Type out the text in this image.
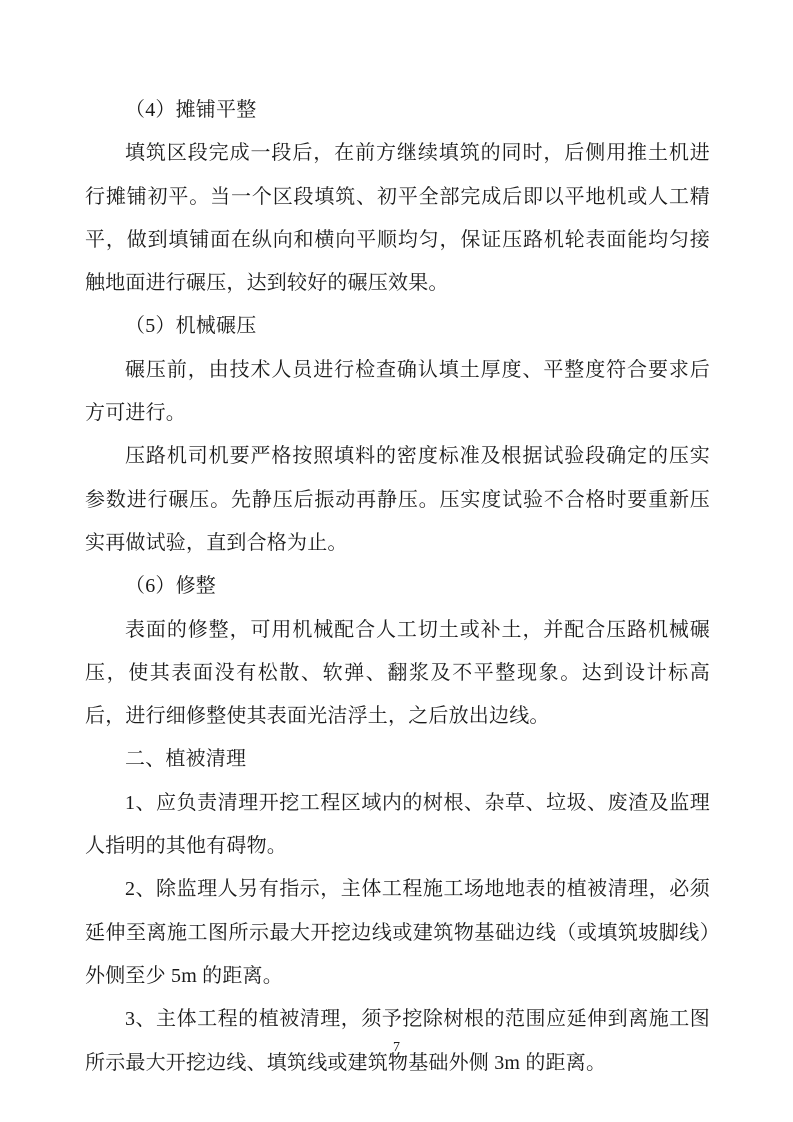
（4）摊铺平整

填筑区段完成一段后，在前方继续填筑的同时，后侧用推土机进行摊铺初平。当一个区段填筑、初平全部完成后即以平地机或人工精平，做到填铺面在纵向和横向平顺均匀，保证压路机轮表面能均匀接触地面进行碾压，达到较好的碾压效果。

（5）机械碾压

碾压前，由技术人员进行检查确认填土厚度、平整度符合要求后方可进行。

压路机司机要严格按照填料的密度标准及根据试验段确定的压实参数进行碾压。先静压后振动再静压。压实度试验不合格时要重新压实再做试验，直到合格为止。

（6）修整

表面的修整，可用机械配合人工切土或补土，并配合压路机械碾压，使其表面没有松散、软弹、翻浆及不平整现象。达到设计标高后，进行细修整使其表面光洁浮土，之后放出边线。

二、植被清理

1、应负责清理开挖工程区域内的树根、杂草、垃圾、废渣及监理人指明的其他有碍物。

2、除监理人另有指示，主体工程施工场地地表的植被清理，必须延伸至离施工图所示最大开挖边线或建筑物基础边线（或填筑坡脚线）外侧至少 5m 的距离。

3、主体工程的植被清理，须予挖除树根的范围应延伸到离施工图所示最大开挖边线、填筑线或建筑物基础外侧 3m 的距离。

7
